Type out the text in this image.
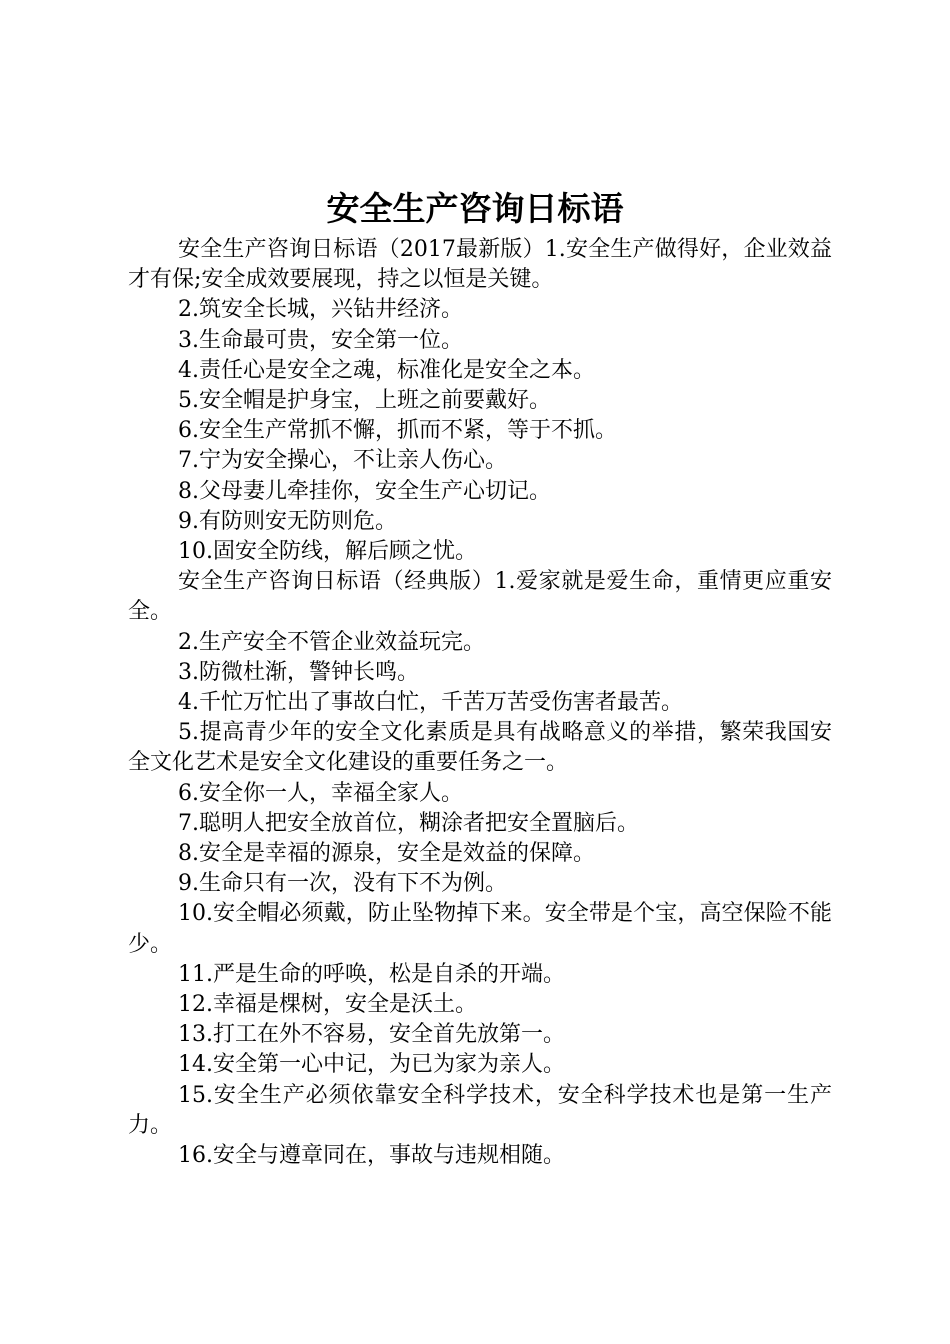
安全生产咨询日标语

安全生产咨询日标语（2017最新版）1.安全生产做得好，企业效益才有保;安全成效要展现，持之以恒是关键。

2.筑安全长城，兴钻井经济。

3.生命最可贵，安全第一位。

4.责任心是安全之魂，标准化是安全之本。

5.安全帽是护身宝，上班之前要戴好。

6.安全生产常抓不懈，抓而不紧，等于不抓。

7.宁为安全操心，不让亲人伤心。

8.父母妻儿牵挂你，安全生产心切记。

9.有防则安无防则危。

10.固安全防线，解后顾之忧。

安全生产咨询日标语（经典版）1.爱家就是爱生命，重情更应重安全。

2.生产安全不管企业效益玩完。

3.防微杜渐，警钟长鸣。

4.千忙万忙出了事故白忙，千苦万苦受伤害者最苦。

5.提高青少年的安全文化素质是具有战略意义的举措，繁荣我国安全文化艺术是安全文化建设的重要任务之一。

6.安全你一人，幸福全家人。

7.聪明人把安全放首位，糊涂者把安全置脑后。

8.安全是幸福的源泉，安全是效益的保障。

9.生命只有一次，没有下不为例。

10.安全帽必须戴，防止坠物掉下来。安全带是个宝，高空保险不能少。

11.严是生命的呼唤，松是自杀的开端。

12.幸福是棵树，安全是沃土。

13.打工在外不容易，安全首先放第一。

14.安全第一心中记，为已为家为亲人。

15.安全生产必须依靠安全科学技术，安全科学技术也是第一生产力。

16.安全与遵章同在，事故与违规相随。
